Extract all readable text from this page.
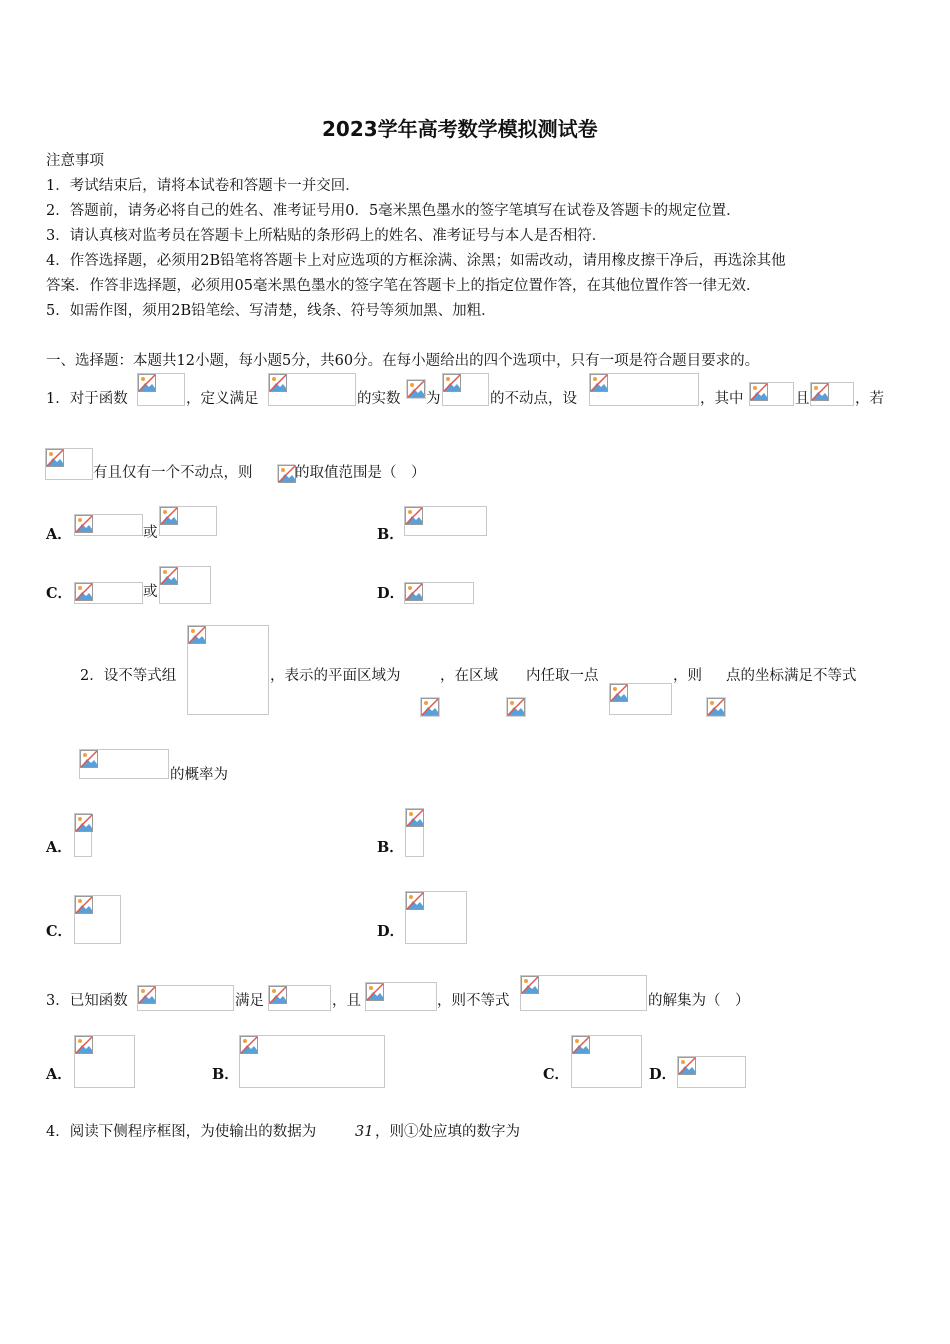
2023学年高考数学模拟测试卷
注意事项
1．考试结束后，请将本试卷和答题卡一并交回．
2．答题前，请务必将自己的姓名、准考证号用0．5毫米黑色墨水的签字笔填写在试卷及答题卡的规定位置．
3．请认真核对监考员在答题卡上所粘贴的条形码上的姓名、准考证号与本人是否相符．
4．作答选择题，必须用2B铅笔将答题卡上对应选项的方框涂满、涂黑；如需改动，请用橡皮擦干净后，再选涂其他
答案．作答非选择题，必须用05毫米黑色墨水的签字笔在答题卡上的指定位置作答，在其他位置作答一律无效．
5．如需作图，须用2B铅笔绘、写清楚，线条、符号等须加黑、加粗．
一、选择题：本题共12小题，每小题5分，共60分。在每小题给出的四个选项中，只有一项是符合题目要求的。
1．对于函数	，定义满足	的实数 为	的不动点，设	，其中	且	，若
有且仅有一个不动点，则	的取值范围是（　）
A．	或	B．
C．	或	D．
2．设不等式组	，表示的平面区域为	，在区域 内任取一点	，则 点的坐标满足不等式
的概率为
A．	B．
C．	D．
3．已知函数	满足	，且	，则不等式	的解集为（　）
A．	B．	C．	D．
4．阅读下侧程序框图，为使输出的数据为	31 ，则①处应填的数字为
